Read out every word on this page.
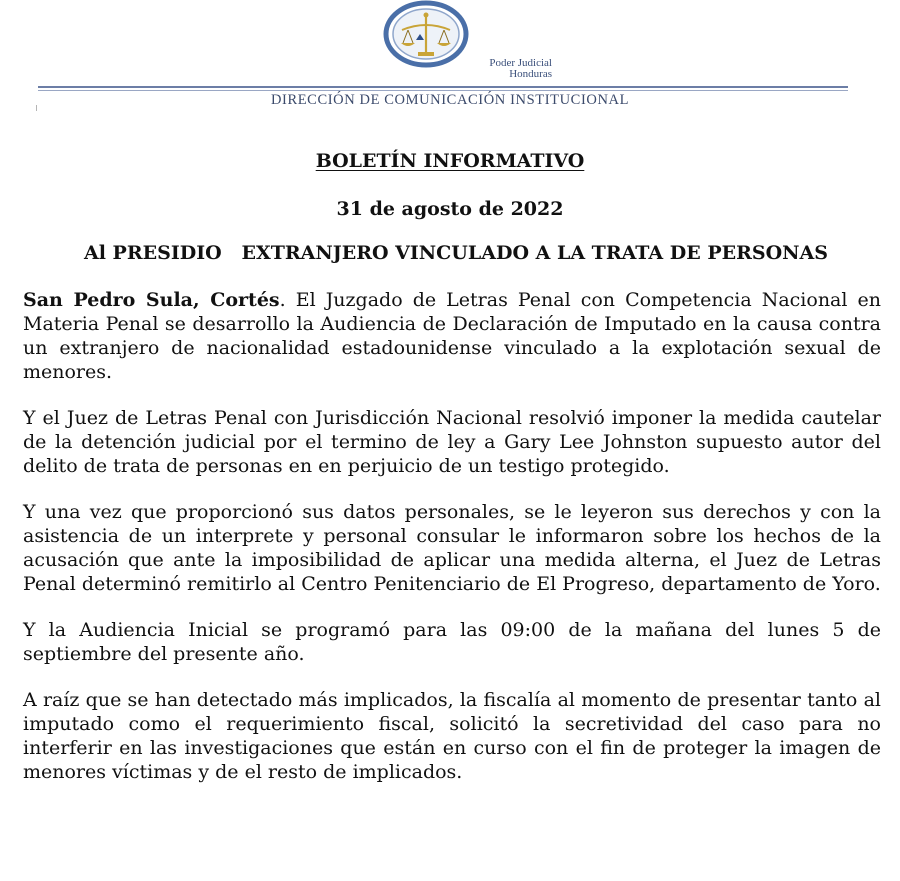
Poder Judicial
Honduras
DIRECCIÓN DE COMUNICACIÓN INSTITUCIONAL
BOLETÍN INFORMATIVO
31 de agosto de 2022
Al PRESIDIO   EXTRANJERO VINCULADO A LA TRATA DE PERSONAS

San Pedro Sula, Cortés. El Juzgado de Letras Penal con Competencia Nacional en Materia Penal se desarrollo la Audiencia de Declaración de Imputado en la causa contra un extranjero de nacionalidad estadounidense vinculado a la explotación sexual de menores.

Y el Juez de Letras Penal con Jurisdicción Nacional resolvió imponer la medida cautelar de la detención judicial por el termino de ley a Gary Lee Johnston supuesto autor del delito de trata de personas en en perjuicio de un testigo protegido.

Y una vez que proporcionó sus datos personales, se le leyeron sus derechos y con la asistencia de un interprete y personal consular le informaron sobre los hechos de la acusación que ante la imposibilidad de aplicar una medida alterna, el Juez de Letras Penal determinó remitirlo al Centro Penitenciario de El Progreso, departamento de Yoro.

Y la Audiencia Inicial se programó para las 09:00 de la mañana del lunes 5 de septiembre del presente año.

A raíz que se han detectado más implicados, la fiscalía al momento de presentar tanto al imputado como el requerimiento fiscal, solicitó la secretividad del caso para no interferir en las investigaciones que están en curso con el fin de proteger la imagen de menores víctimas y de el resto de implicados.
